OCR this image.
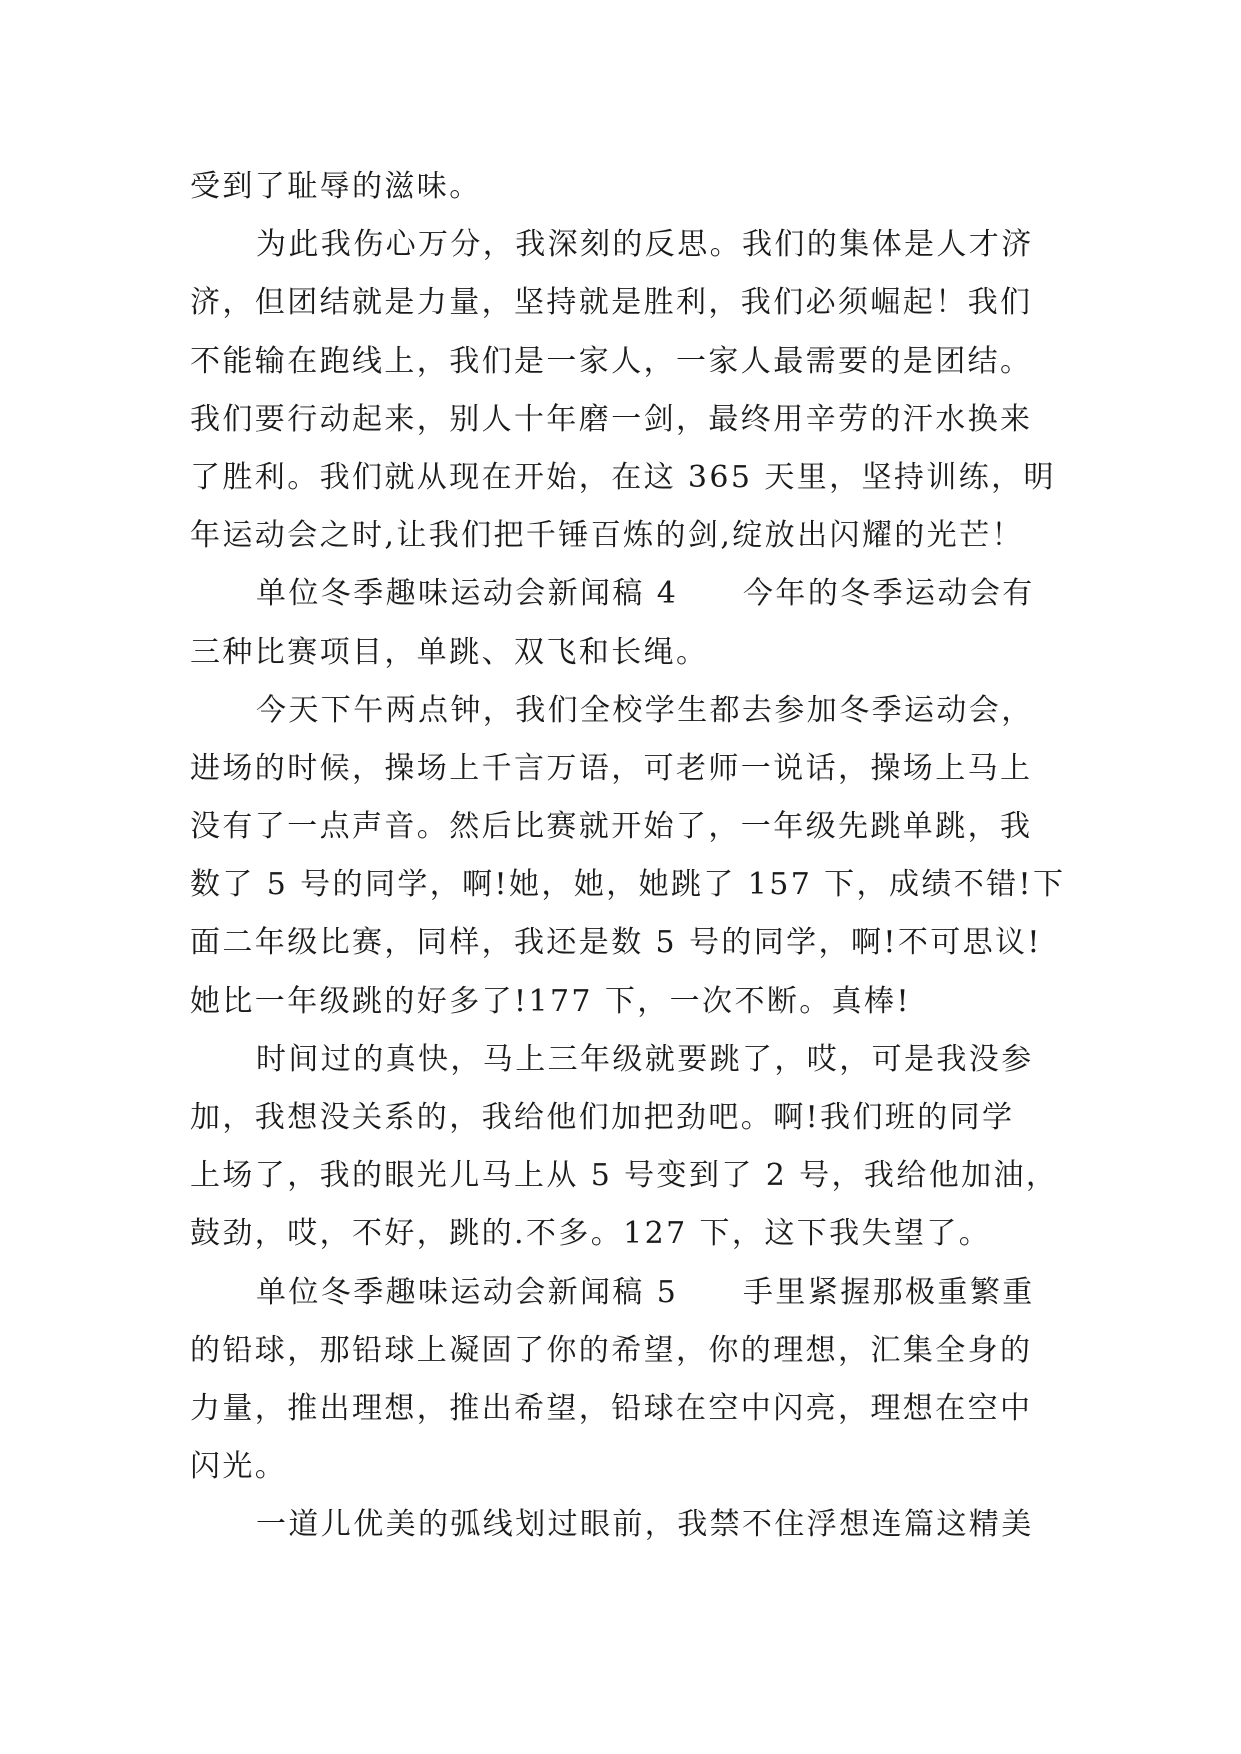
受到了耻辱的滋味。
为此我伤心万分，我深刻的反思。我们的集体是人才济
济，但团结就是力量，坚持就是胜利，我们必须崛起！我们
不能输在跑线上，我们是一家人，一家人最需要的是团结。
我们要行动起来，别人十年磨一剑，最终用辛劳的汗水换来
了胜利。我们就从现在开始，在这 365 天里，坚持训练，明
年运动会之时,让我们把千锤百炼的剑,绽放出闪耀的光芒！
单位冬季趣味运动会新闻稿 4　　今年的冬季运动会有
三种比赛项目，单跳、双飞和长绳。
今天下午两点钟，我们全校学生都去参加冬季运动会，
进场的时候，操场上千言万语，可老师一说话，操场上马上
没有了一点声音。然后比赛就开始了，一年级先跳单跳，我
数了 5 号的同学，啊!她，她，她跳了 157 下，成绩不错!下
面二年级比赛，同样，我还是数 5 号的同学，啊!不可思议!
她比一年级跳的好多了!177 下，一次不断。真棒!
时间过的真快，马上三年级就要跳了，哎，可是我没参
加，我想没关系的，我给他们加把劲吧。啊!我们班的同学
上场了，我的眼光儿马上从 5 号变到了 2 号，我给他加油，
鼓劲，哎，不好，跳的.不多。127 下，这下我失望了。
单位冬季趣味运动会新闻稿 5　　手里紧握那极重繁重
的铅球，那铅球上凝固了你的希望，你的理想，汇集全身的
力量，推出理想，推出希望，铅球在空中闪亮，理想在空中
闪光。
一道儿优美的弧线划过眼前，我禁不住浮想连篇这精美
